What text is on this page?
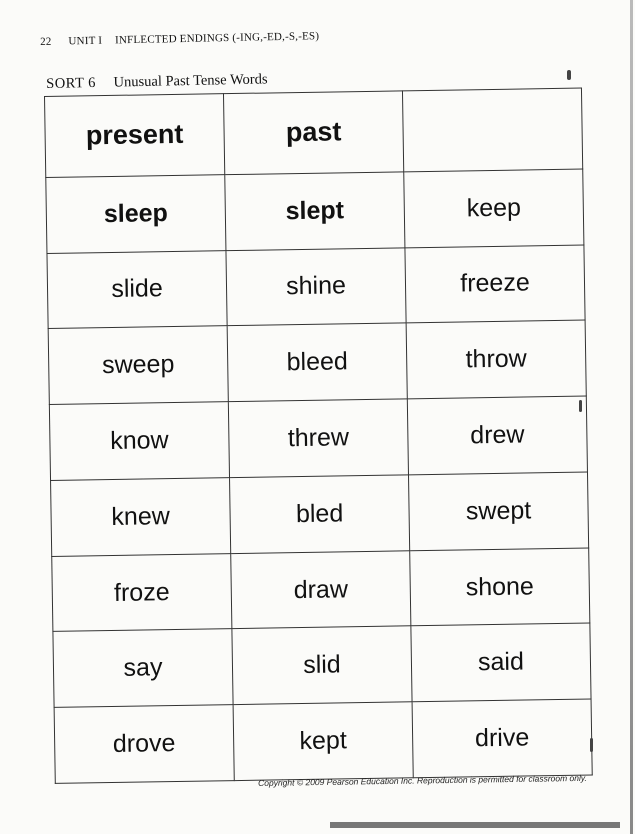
22 UNIT I INFLECTED ENDINGS (-ING,-ED,-S,-ES)
SORT 6 Unusual Past Tense Words
present	past	
sleep	slept	keep
slide	shine	freeze
sweep	bleed	throw
know	threw	drew
knew	bled	swept
froze	draw	shone
say	slid	said
drove	kept	drive
Copyright © 2009 Pearson Education Inc. Reproduction is permitted for classroom only.
